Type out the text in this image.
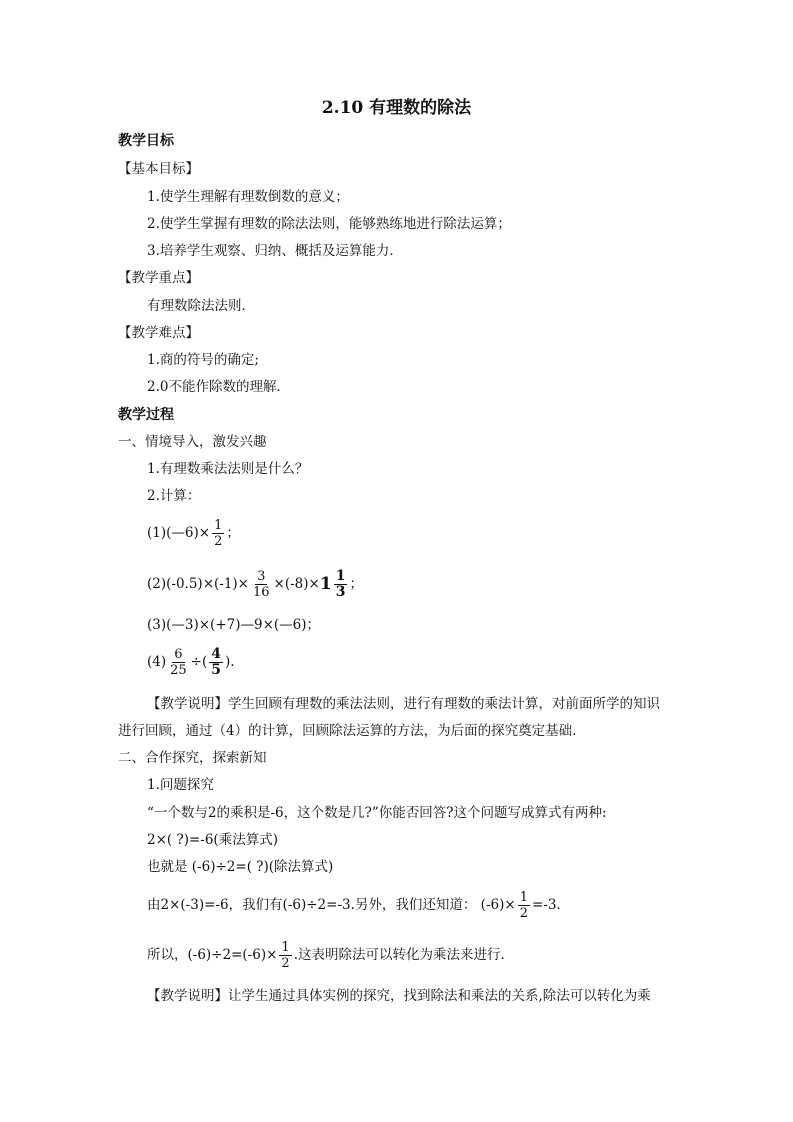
2.10 有理数的除法
教学目标
【基本目标】
1.使学生理解有理数倒数的意义；
2.使学生掌握有理数的除法法则，能够熟练地进行除法运算；
3.培养学生观察、归纳、概括及运算能力．
【教学重点】
有理数除法法则．
【教学难点】
1.商的符号的确定;
2.0不能作除数的理解．
教学过程
一、情境导入，激发兴趣
1.有理数乘法法则是什么？
2.计算：
(1)(—6)× $\frac{1}{2}$ ；
$(2)(-0.5)\times(-1)\times \frac{3}{16} \times(-8)\times 1 \frac{1}{3}$ ；
(3)(—3)×(+7)—9×(—6)；
$(4) \frac{6}{25}$ ÷( $\frac{4}{5}$ ).
【教学说明】学生回顾有理数的乘法法则，进行有理数的乘法计算，对前面所学的知识
进行回顾，通过（4）的计算，回顾除法运算的方法，为后面的探究奠定基础.
二、合作探究，探索新知
1.问题探究
“一个数与2的乘积是-6，这个数是几?”你能否回答?这个问题写成算式有两种:
2×( ?)=-6(乘法算式)
也就是 (-6)÷2=( ?)(除法算式)
由2×(-3)=-6，我们有(-6)÷2=-3.另外，我们还知道： $(-6)\times \frac{1}{2} =-3$.
所以，$(-6)\div 2=(-6)\times \frac{1}{2}$ .这表明除法可以转化为乘法来进行.
【教学说明】让学生通过具体实例的探究，找到除法和乘法的关系,除法可以转化为乘
